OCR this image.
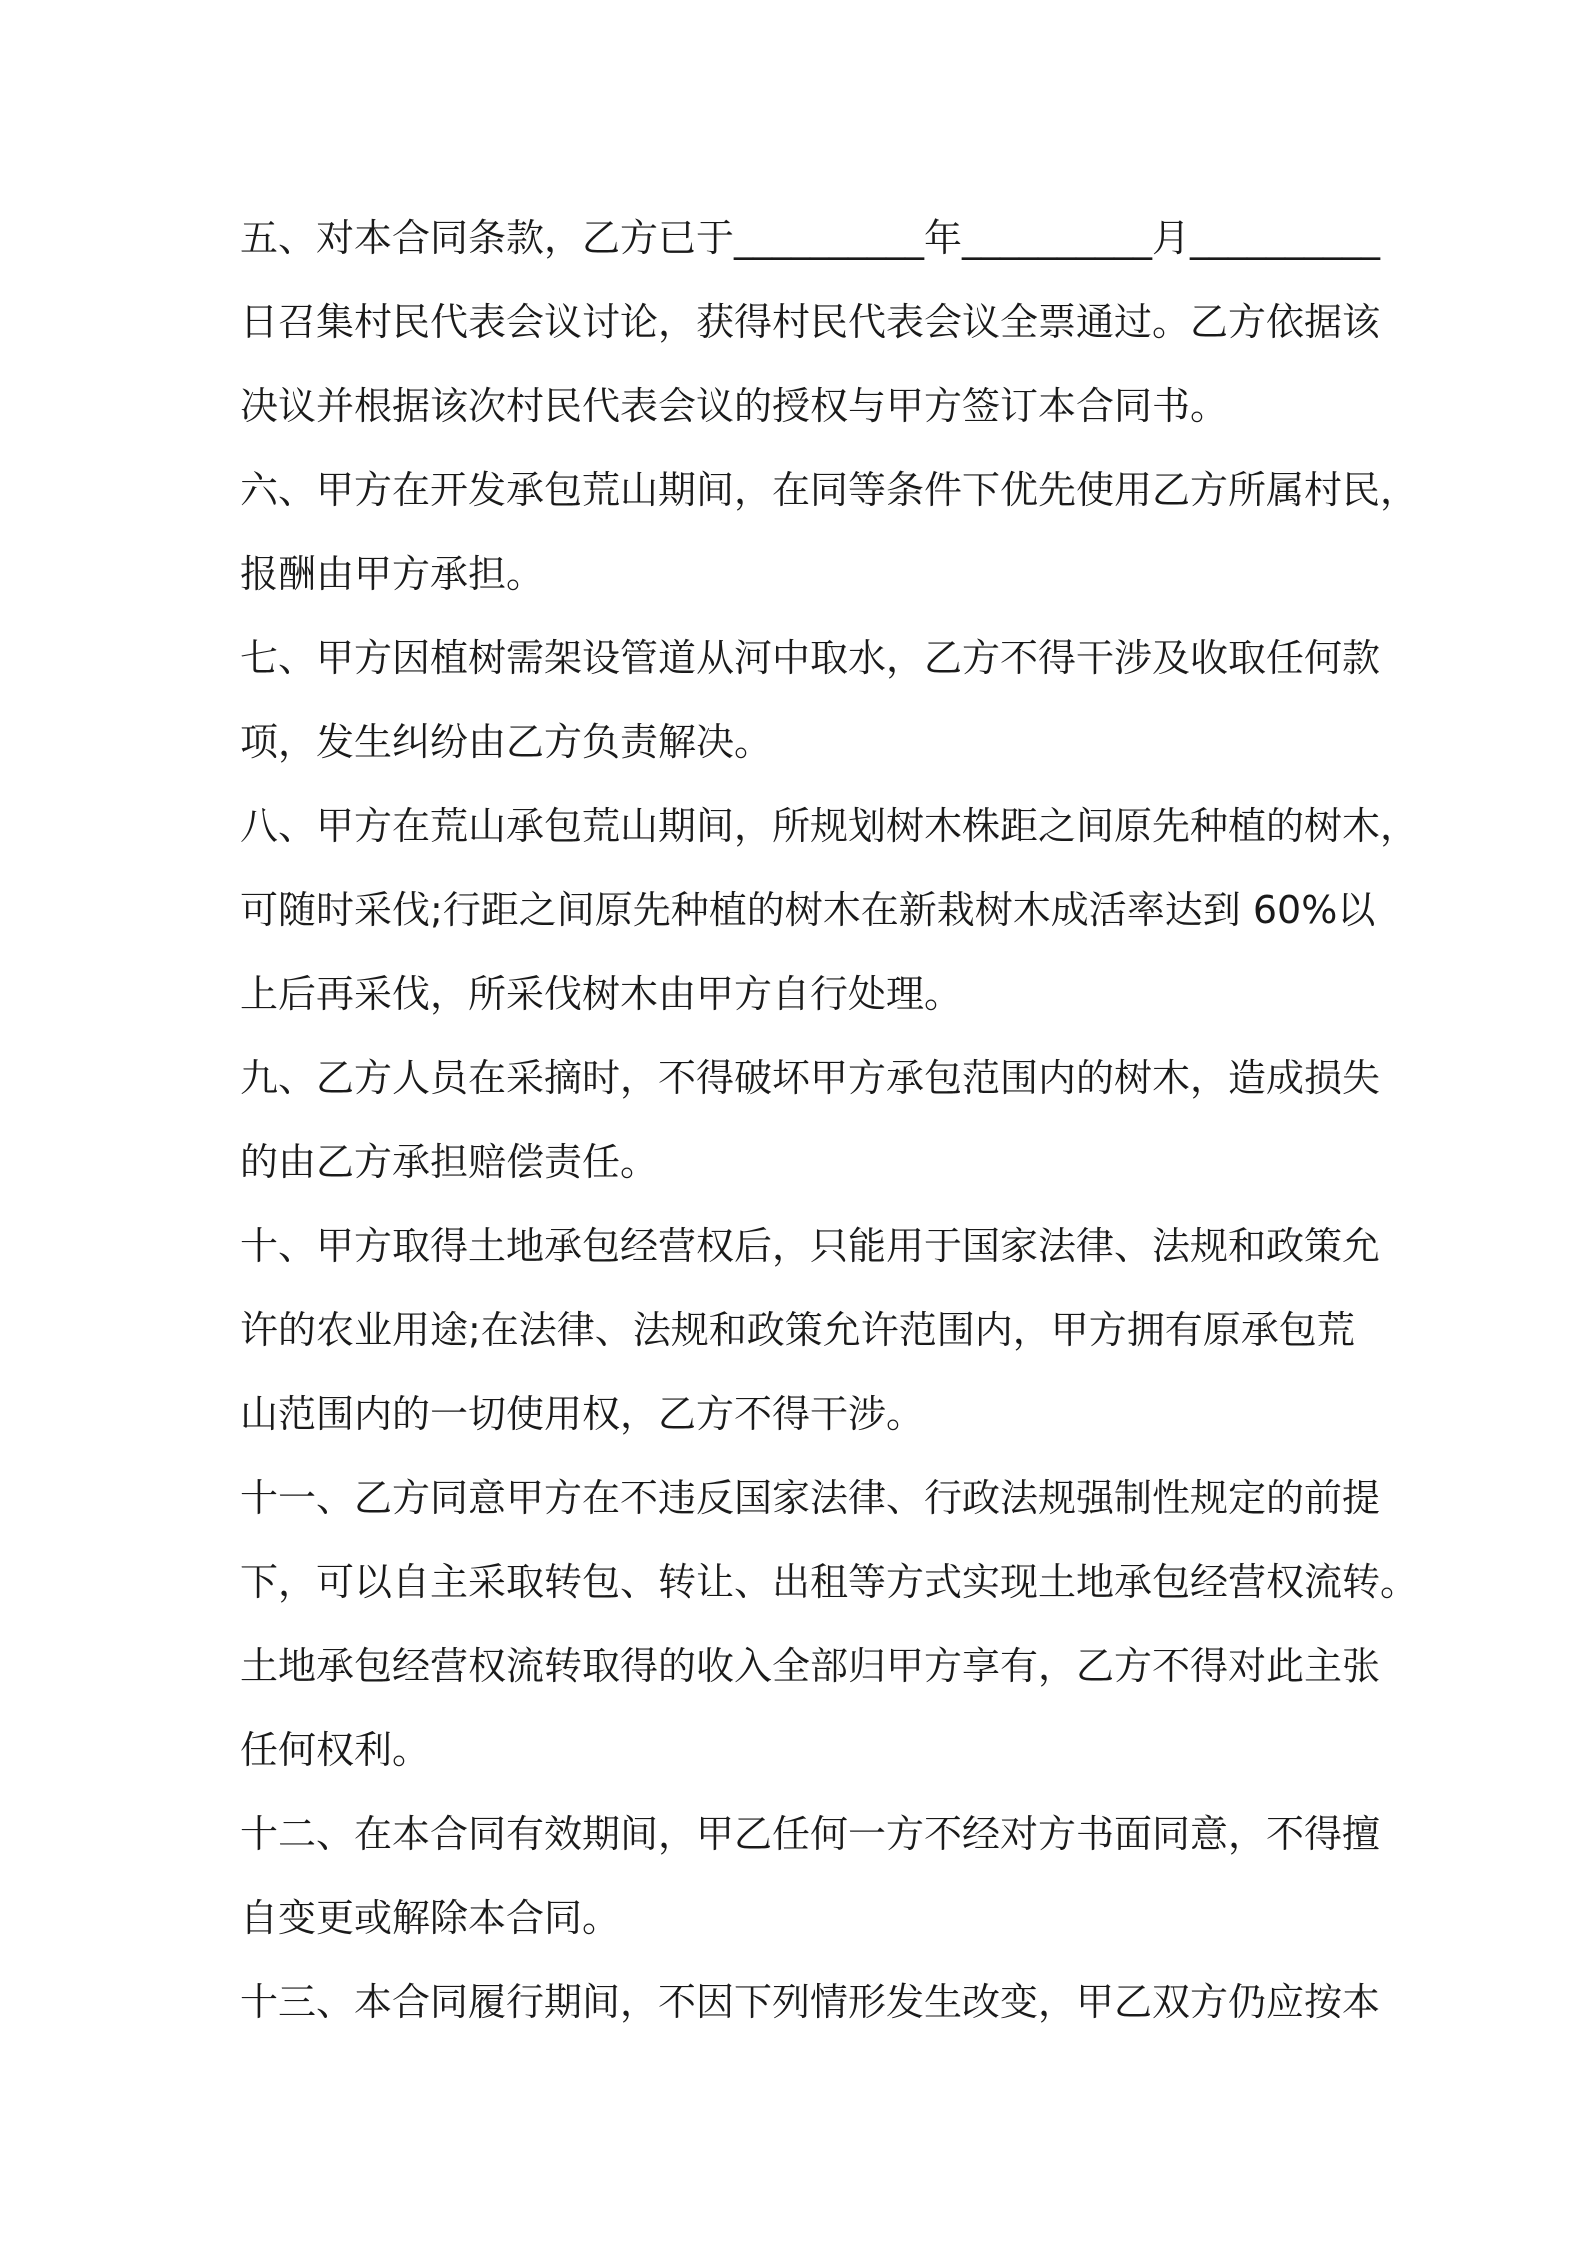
五、对本合同条款，乙方已于__________年__________月__________
日召集村民代表会议讨论，获得村民代表会议全票通过。乙方依据该
决议并根据该次村民代表会议的授权与甲方签订本合同书。
六、甲方在开发承包荒山期间，在同等条件下优先使用乙方所属村民，
报酬由甲方承担。
七、甲方因植树需架设管道从河中取水，乙方不得干涉及收取任何款
项，发生纠纷由乙方负责解决。
八、甲方在荒山承包荒山期间，所规划树木株距之间原先种植的树木，
可随时采伐;行距之间原先种植的树木在新栽树木成活率达到 60%以
上后再采伐，所采伐树木由甲方自行处理。
九、乙方人员在采摘时，不得破坏甲方承包范围内的树木，造成损失
的由乙方承担赔偿责任。
十、甲方取得土地承包经营权后，只能用于国家法律、法规和政策允
许的农业用途;在法律、法规和政策允许范围内，甲方拥有原承包荒
山范围内的一切使用权，乙方不得干涉。
十一、乙方同意甲方在不违反国家法律、行政法规强制性规定的前提
下，可以自主采取转包、转让、出租等方式实现土地承包经营权流转。
土地承包经营权流转取得的收入全部归甲方享有，乙方不得对此主张
任何权利。
十二、在本合同有效期间，甲乙任何一方不经对方书面同意，不得擅
自变更或解除本合同。
十三、本合同履行期间，不因下列情形发生改变，甲乙双方仍应按本
